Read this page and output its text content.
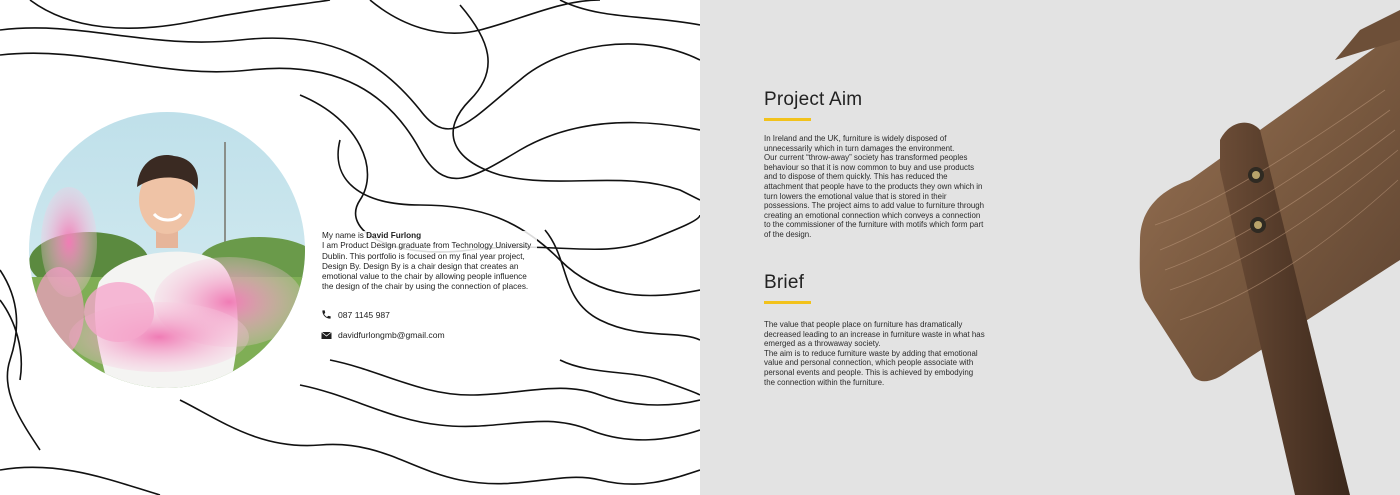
My name is David Furlong

I am Product Design graduate from Technology University Dublin. This portfolio is focused on my final year project, Design By. Design By is a chair design that creates an emotional value to the chair by allowing people influence the design of the chair by using the connection of places.

087 1145 987
davidfurlongmb@gmail.com
Project Aim

In Ireland and the UK, furniture is widely disposed of unnecessarily which in turn damages the environment.

Our current “throw-away” society has transformed peoples behaviour so that it is now common to buy and use products and to dispose of them quickly. This has reduced the attachment that people have to the products they own which in turn lowers the emotional value that is stored in their possessions. The project aims to add value to furniture through creating an emotional connection which conveys a connection to the commissioner of the furniture with motifs which form part of the design.

Brief

The value that people place on furniture has dramatically decreased leading to an increase in furniture waste in what has emerged as a throwaway society.

The aim is to reduce furniture waste by adding that emotional value and personal connection, which people associate with personal events and people. This is achieved by embodying the connection within the furniture.
